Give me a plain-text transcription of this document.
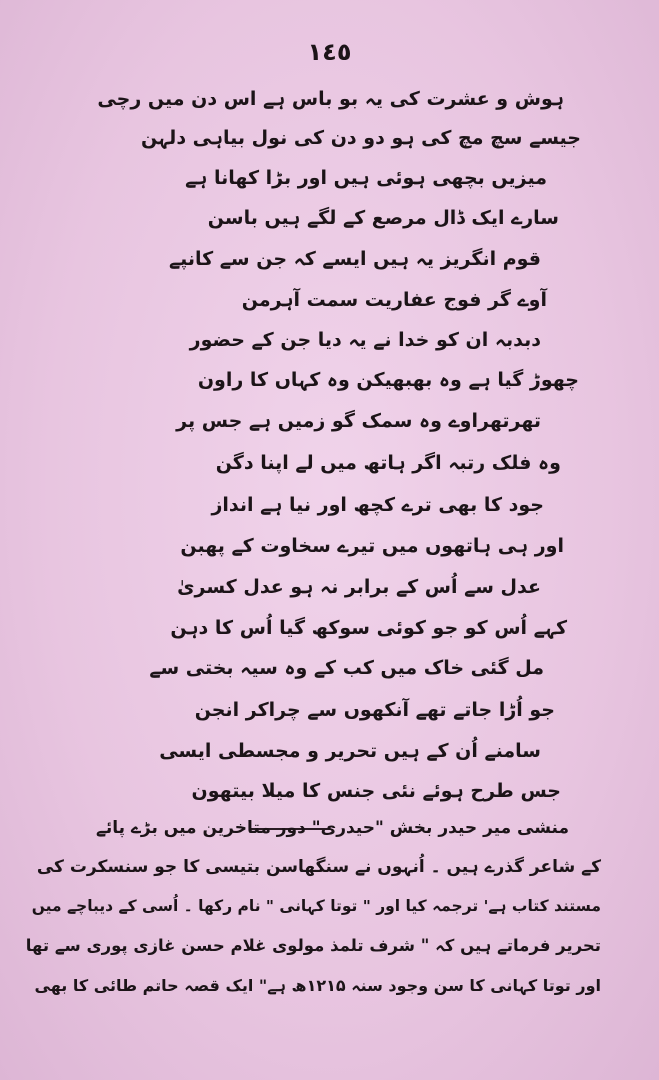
١٤٥
ہوش و عشرت کی یہ بو باس ہے اس دن میں رچی
جیسے سچ مچ کی ہو دو دن کی نول بیاہی دلہن
میزیں بچھی ہوئی ہیں اور بڑا کھانا ہے
سارے ایک ڈال مرصع کے لگے ہیں باسن
قوم انگریز یہ ہیں ایسے کہ جن سے کانپے
آوے گر فوج عفاریت سمت آہرمن
دبدبہ ان کو خدا نے یہ دیا جن کے حضور
چھوڑ گیا ہے وہ بھبھیکن وہ کہاں کا راون
تھرتھراوے وہ سمک گو زمیں ہے جس پر
وہ فلک رتبہ اگر ہاتھ میں لے اپنا دگن
جود کا بھی ترے کچھ اور نیا ہے انداز
اور ہی ہاتھوں میں تیرے سخاوت کے پھبن
عدل سے اُس کے برابر نہ ہو عدل کسریٰ
کہے اُس کو جو کوئی سوکھ گیا اُس کا دہن
مل گئی خاک میں کب کے وہ سیہ بختی سے
جو اُڑا جاتے تھے آنکھوں سے چراکر انجن
سامنے اُن کے ہیں تحریر و مجسطی ایسی
جس طرح ہوئے نئی جنس کا میلا بیتھون
منشی میر حیدر بخش "حیدری" دور متاخرین میں بڑے پائے
کے شاعر گذرے ہیں ۔ اُنہوں نے سنگھاسن بتیسی کا جو سنسکرت کی
مستند کتاب ہے' ترجمہ کیا اور " توتا کہانی " نام رکھا ۔ اُسی کے دیباچے میں
تحریر فرماتے ہیں کہ " شرف تلمذ مولوی غلام حسن غازی پوری سے تھا
اور توتا کہانی کا سن وجود سنہ ۱۲۱۵ھ ہے" ایک قصہ حاتم طائی کا بھی
